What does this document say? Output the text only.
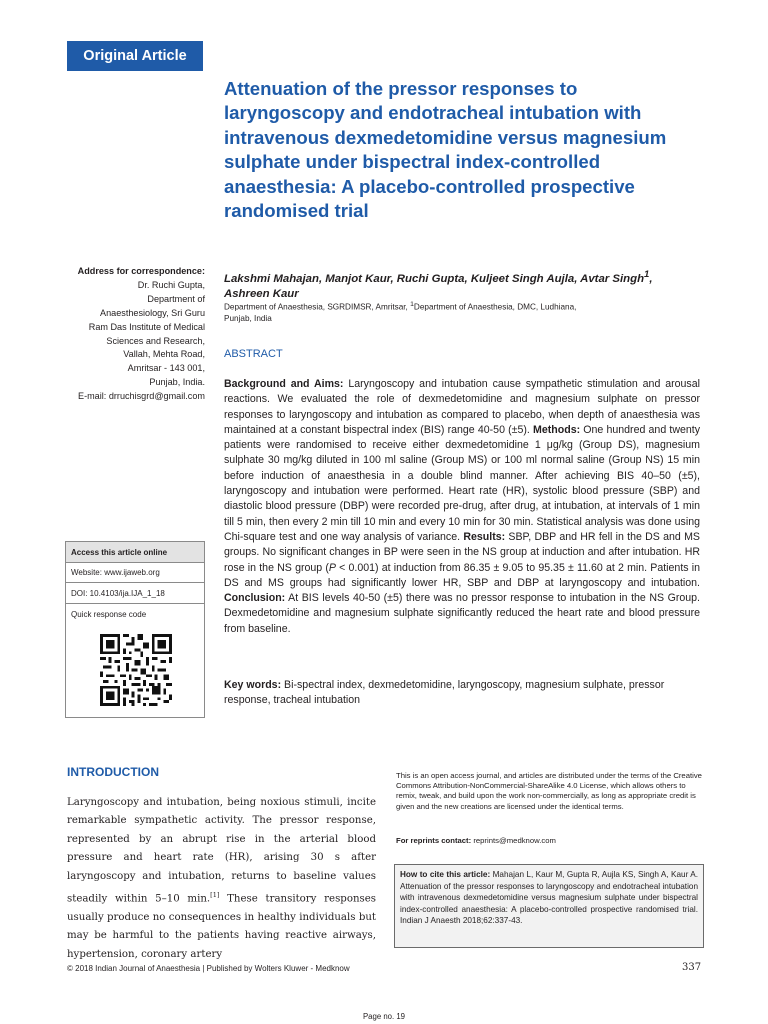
Original Article
Attenuation of the pressor responses to
laryngoscopy and endotracheal intubation with
intravenous dexmedetomidine versus magnesium
sulphate under bispectral index-controlled
anaesthesia: A placebo-controlled prospective
randomised trial
Address for correspondence:
Dr. Ruchi Gupta,
Department of
Anaesthesiology, Sri Guru
Ram Das Institute of Medical
Sciences and Research,
Vallah, Mehta Road,
Amritsar - 143 001,
Punjab, India.
E-mail: drruchisgrd@gmail.com
Lakshmi Mahajan, Manjot Kaur, Ruchi Gupta, Kuljeet Singh Aujla, Avtar Singh$^1$,
Ashreen Kaur
Department of Anaesthesia, SGRDIMSR, Amritsar, $^1$Department of Anaesthesia, DMC, Ludhiana,
Punjab, India
ABSTRACT
Background and Aims: Laryngoscopy and intubation cause sympathetic stimulation and arousal reactions. We evaluated the role of dexmedetomidine and magnesium sulphate on pressor responses to laryngoscopy and intubation as compared to placebo, when depth of anaesthesia was maintained at a constant bispectral index (BIS) range 40-50 (±5). Methods: One hundred and twenty patients were randomised to receive either dexmedetomidine 1 μg/kg (Group DS), magnesium sulphate 30 mg/kg diluted in 100 ml saline (Group MS) or 100 ml normal saline (Group NS) 15 min before induction of anaesthesia in a double blind manner. After achieving BIS 40–50 (±5), laryngoscopy and intubation were performed. Heart rate (HR), systolic blood pressure (SBP) and diastolic blood pressure (DBP) were recorded pre-drug, after drug, at intubation, at intervals of 1 min till 5 min, then every 2 min till 10 min and every 10 min for 30 min. Statistical analysis was done using Chi-square test and one way analysis of variance. Results: SBP, DBP and HR fell in the DS and MS groups. No significant changes in BP were seen in the NS group at induction and after intubation. HR rose in the NS group (P < 0.001) at induction from 86.35 ± 9.05 to 95.35 ± 11.60 at 2 min. Patients in DS and MS groups had significantly lower HR, SBP and DBP at laryngoscopy and intubation. Conclusion: At BIS levels 40-50 (±5) there was no pressor response to intubation in the NS Group. Dexmedetomidine and magnesium sulphate significantly reduced the heart rate and blood pressure from baseline.
Key words: Bi-spectral index, dexmedetomidine, laryngoscopy, magnesium sulphate, pressor response, tracheal intubation
Access this article online
Website: www.ijaweb.org
DOI: 10.4103/ija.IJA_1_18
Quick response code
INTRODUCTION
Laryngoscopy and intubation, being noxious stimuli, incite remarkable sympathetic activity. The pressor response, represented by an abrupt rise in the arterial blood pressure and heart rate (HR), arising 30 s after laryngoscopy and intubation, returns to baseline values steadily within 5–10 min.[1] These transitory responses usually produce no consequences in healthy individuals but may be harmful to the patients having reactive airways, hypertension, coronary artery
This is an open access journal, and articles are distributed under the terms of the Creative Commons Attribution-NonCommercial-ShareAlike 4.0 License, which allows others to remix, tweak, and build upon the work non-commercially, as long as appropriate credit is given and the new creations are licensed under the identical terms.
For reprints contact: reprints@medknow.com
How to cite this article: Mahajan L, Kaur M, Gupta R, Aujla KS, Singh A, Kaur A. Attenuation of the pressor responses to laryngoscopy and endotracheal intubation with intravenous dexmedetomidine versus magnesium sulphate under bispectral index-controlled anaesthesia: A placebo-controlled prospective randomised trial. Indian J Anaesth 2018;62:337-43.
© 2018 Indian Journal of Anaesthesia | Published by Wolters Kluwer - Medknow	337
Page no. 19
